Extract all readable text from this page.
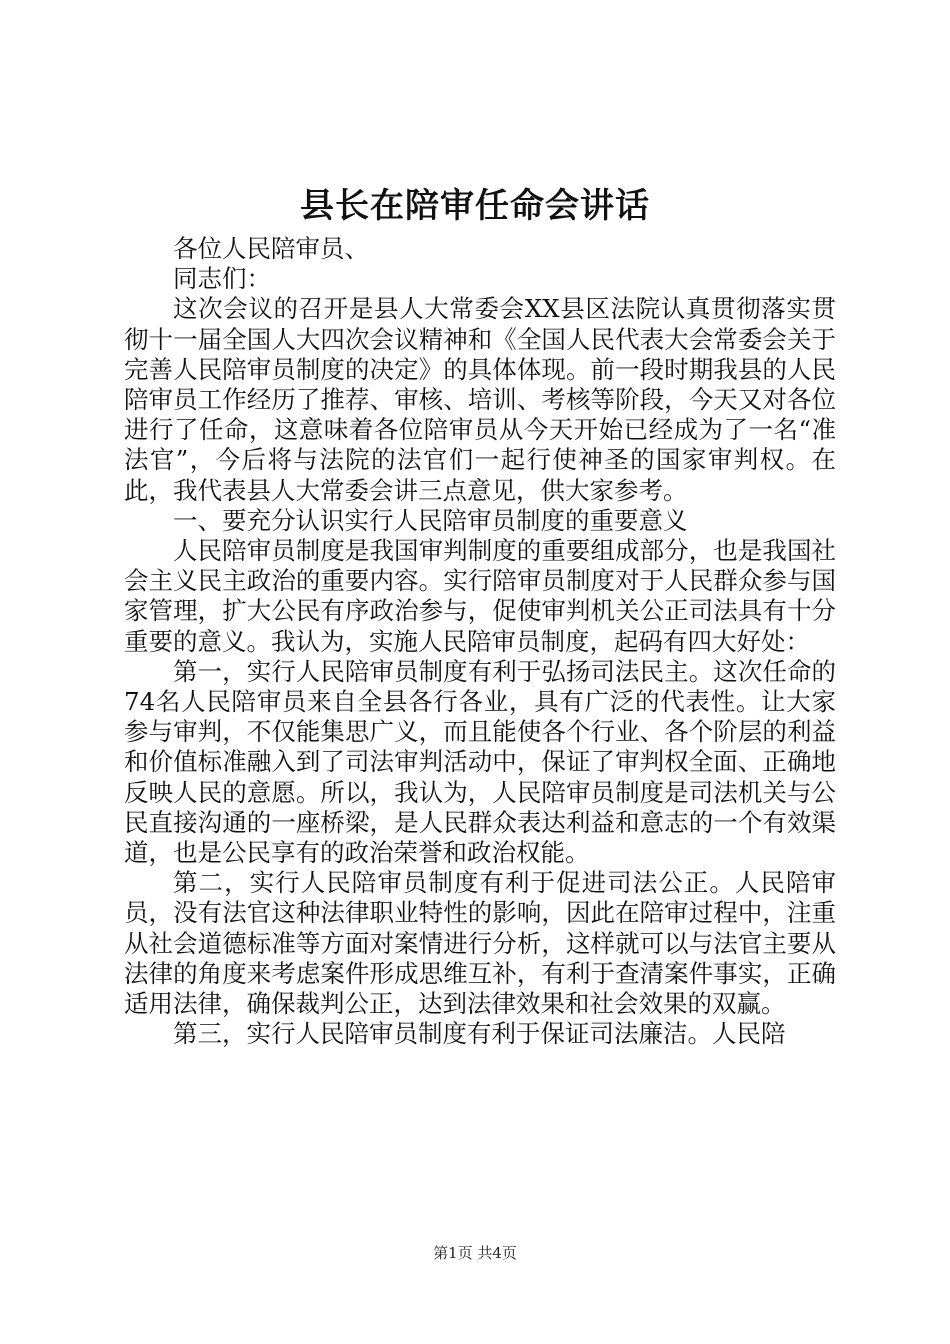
县长在陪审任命会讲话

各位人民陪审员、

同志们：

这次会议的召开是县人大常委会XX县区法院认真贯彻落实贯彻十一届全国人大四次会议精神和《全国人民代表大会常委会关于完善人民陪审员制度的决定》的具体体现。前一段时期我县的人民陪审员工作经历了推荐、审核、培训、考核等阶段，今天又对各位进行了任命，这意味着各位陪审员从今天开始已经成为了一名“准法官”，今后将与法院的法官们一起行使神圣的国家审判权。在此，我代表县人大常委会讲三点意见，供大家参考。

一、要充分认识实行人民陪审员制度的重要意义

人民陪审员制度是我国审判制度的重要组成部分，也是我国社会主义民主政治的重要内容。实行陪审员制度对于人民群众参与国家管理，扩大公民有序政治参与，促使审判机关公正司法具有十分重要的意义。我认为，实施人民陪审员制度，起码有四大好处：

第一，实行人民陪审员制度有利于弘扬司法民主。这次任命的74名人民陪审员来自全县各行各业，具有广泛的代表性。让大家参与审判，不仅能集思广义，而且能使各个行业、各个阶层的利益和价值标准融入到了司法审判活动中，保证了审判权全面、正确地反映人民的意愿。所以，我认为，人民陪审员制度是司法机关与公民直接沟通的一座桥梁，是人民群众表达利益和意志的一个有效渠道，也是公民享有的政治荣誉和政治权能。

第二，实行人民陪审员制度有利于促进司法公正。人民陪审员，没有法官这种法律职业特性的影响，因此在陪审过程中，注重从社会道德标准等方面对案情进行分析，这样就可以与法官主要从法律的角度来考虑案件形成思维互补，有利于查清案件事实，正确适用法律，确保裁判公正，达到法律效果和社会效果的双赢。

第三，实行人民陪审员制度有利于保证司法廉洁。人民陪

第1页 共4页
